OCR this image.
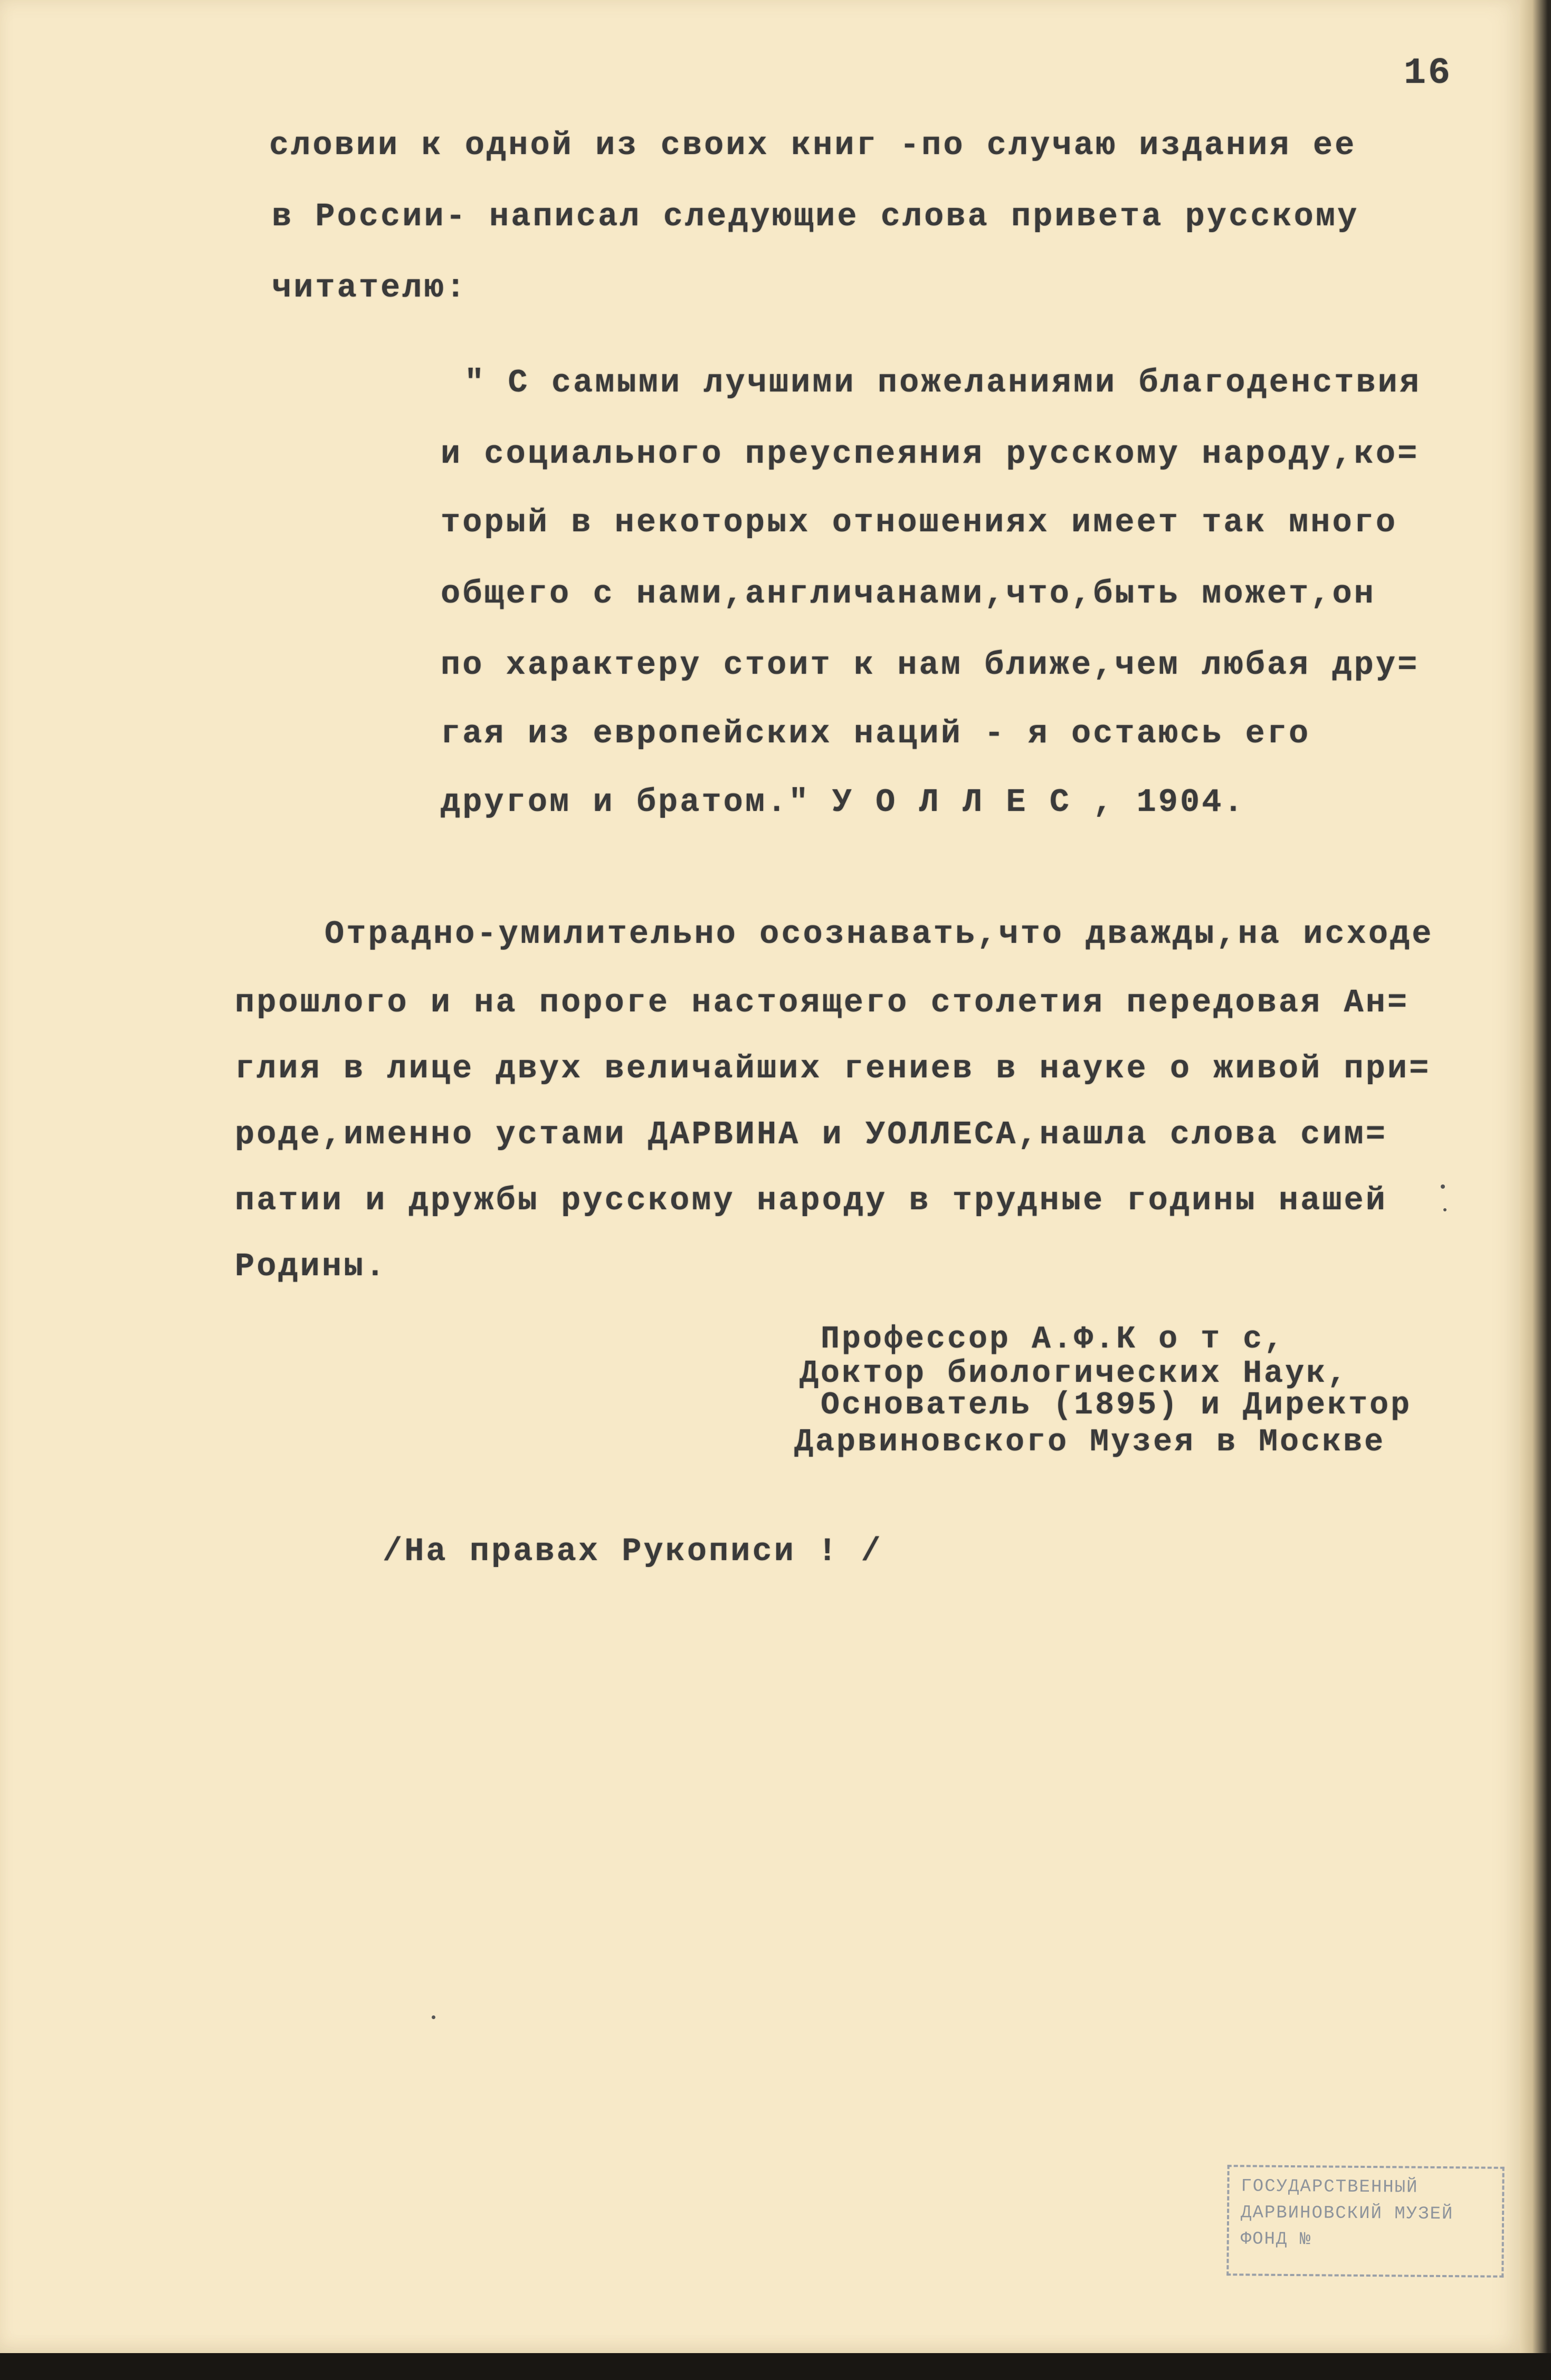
16

словии к одной из своих книг -по случаю издания ее

в России- написал следующие слова привета русскому

читателю:

" С самыми лучшими пожеланиями благоденствия

и социального преуспеяния русскому народу,ко=

торый в некоторых отношениях имеет так много

общего с нами,англичанами,что,быть может,он

по характеру стоит к нам ближе,чем любая дру=

гая из европейских наций - я остаюсь его

другом и братом." У О Л Л Е С , 1904.

Отрадно-умилительно осознавать,что дважды,на исходе

прошлого и на пороге настоящего столетия передовая Ан=

глия в лице двух величайших гениев в науке о живой при=

роде,именно устами ДАРВИНА и УОЛЛЕСА,нашла слова сим=

патии и дружбы русскому народу в трудные годины нашей

Родины.

Профессор А.Ф.К о т с,

Доктор биологических Наук,

Основатель (1895) и Директор

Дарвиновского Музея в Москве

/На правах Рукописи ! /

ГОСУДАРСТВЕННЫЙ
ДАРВИНОВСКИЙ МУЗЕЙ
ФОНД №
